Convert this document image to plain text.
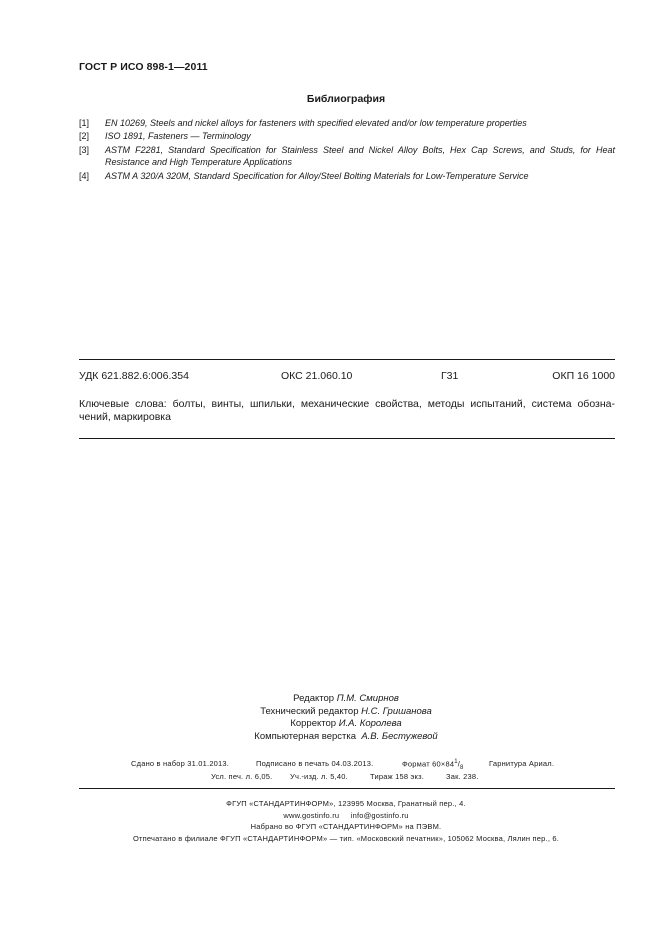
ГОСТ Р ИСО 898-1—2011
Библиография
[1] EN 10269, Steels and nickel alloys for fasteners with specified elevated and/or low temperature properties
[2] ISO 1891, Fasteners — Terminology
[3] ASTM F2281, Standard Specification for Stainless Steel and Nickel Alloy Bolts, Hex Cap Screws, and Studs, for Heat Resistance and High Temperature Applications
[4] ASTM A 320/A 320M, Standard Specification for Alloy/Steel Bolting Materials for Low-Temperature Service
УДК 621.882.6:006.354	ОКС 21.060.10	Г31	ОКП 16 1000
Ключевые слова: болты, винты, шпильки, механические свойства, методы испытаний, система обозна-чений, маркировка
Редактор П.М. Смирнов
Технический редактор Н.С. Гришанова
Корректор И.А. Королева
Компьютерная верстка А.В. Бестужевой
Сдано в набор 31.01.2013.	Подписано в печать 04.03.2013.	Формат $60\times 84^1/_8$	Гарнитура Ариал.
Усл. печ. л. 6,05. Уч.-изд. л. 5,40.	Тираж 158 экз.	Зак. 238.
ФГУП «СТАНДАРТИНФОРМ», 123995 Москва, Гранатный пер., 4.
www.gostinfo.ru info@gostinfo.ru
Набрано во ФГУП «СТАНДАРТИНФОРМ» на ПЭВМ.
Отпечатано в филиале ФГУП «СТАНДАРТИНФОРМ» — тип. «Московский печатник», 105062 Москва, Лялин пер., 6.
